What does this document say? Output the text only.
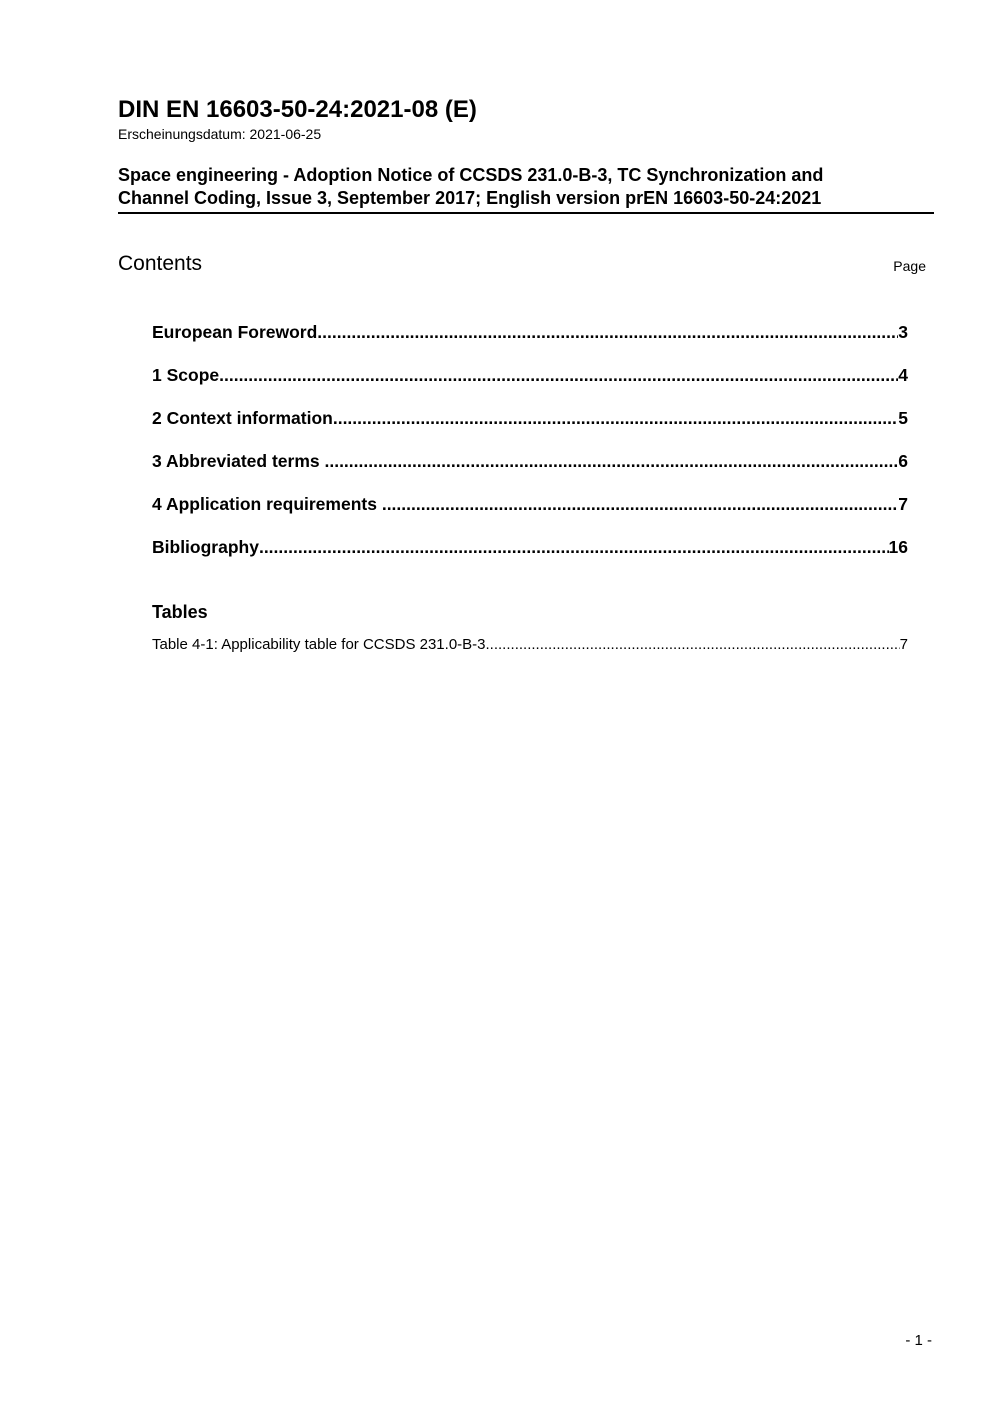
DIN EN 16603-50-24:2021-08 (E)
Erscheinungsdatum: 2021-06-25
Space engineering - Adoption Notice of CCSDS 231.0-B-3, TC Synchronization and
Channel Coding, Issue 3, September 2017; English version prEN 16603-50-24:2021
Contents	Page
European Foreword .....	3
1 Scope .....	4
2 Context information .....	5
3 Abbreviated terms .....	6
4 Application requirements .....	7
Bibliography .....	16
Tables
Table 4-1: Applicability table for CCSDS 231.0-B-3 .....	7
- 1 -
